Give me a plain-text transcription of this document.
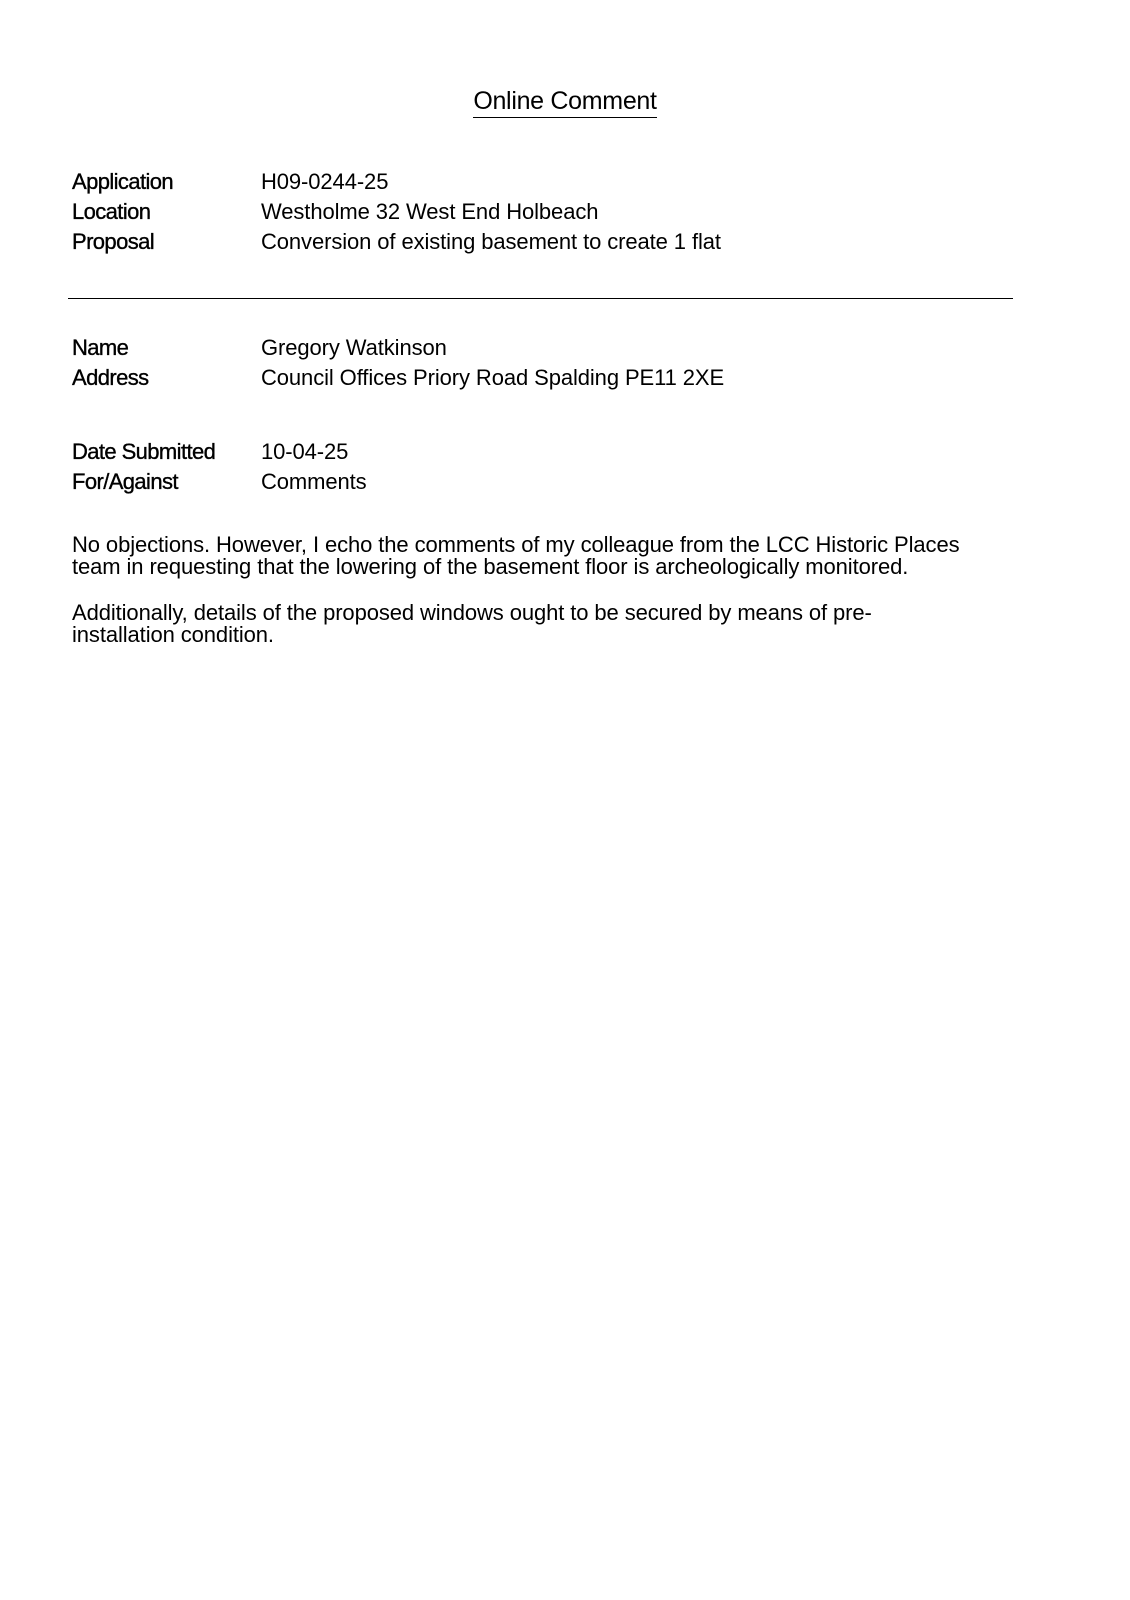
Online Comment
Application	H09-0244-25
Location	Westholme 32 West End Holbeach
Proposal	Conversion of existing basement to create 1 flat
Name	Gregory Watkinson
Address	Council Offices Priory Road Spalding PE11 2XE
Date Submitted	10-04-25
For/Against	Comments
No objections. However, I echo the comments of my colleague from the LCC Historic Places
team in requesting that the lowering of the basement floor is archeologically monitored.
Additionally, details of the proposed windows ought to be secured by means of pre-
installation condition.
